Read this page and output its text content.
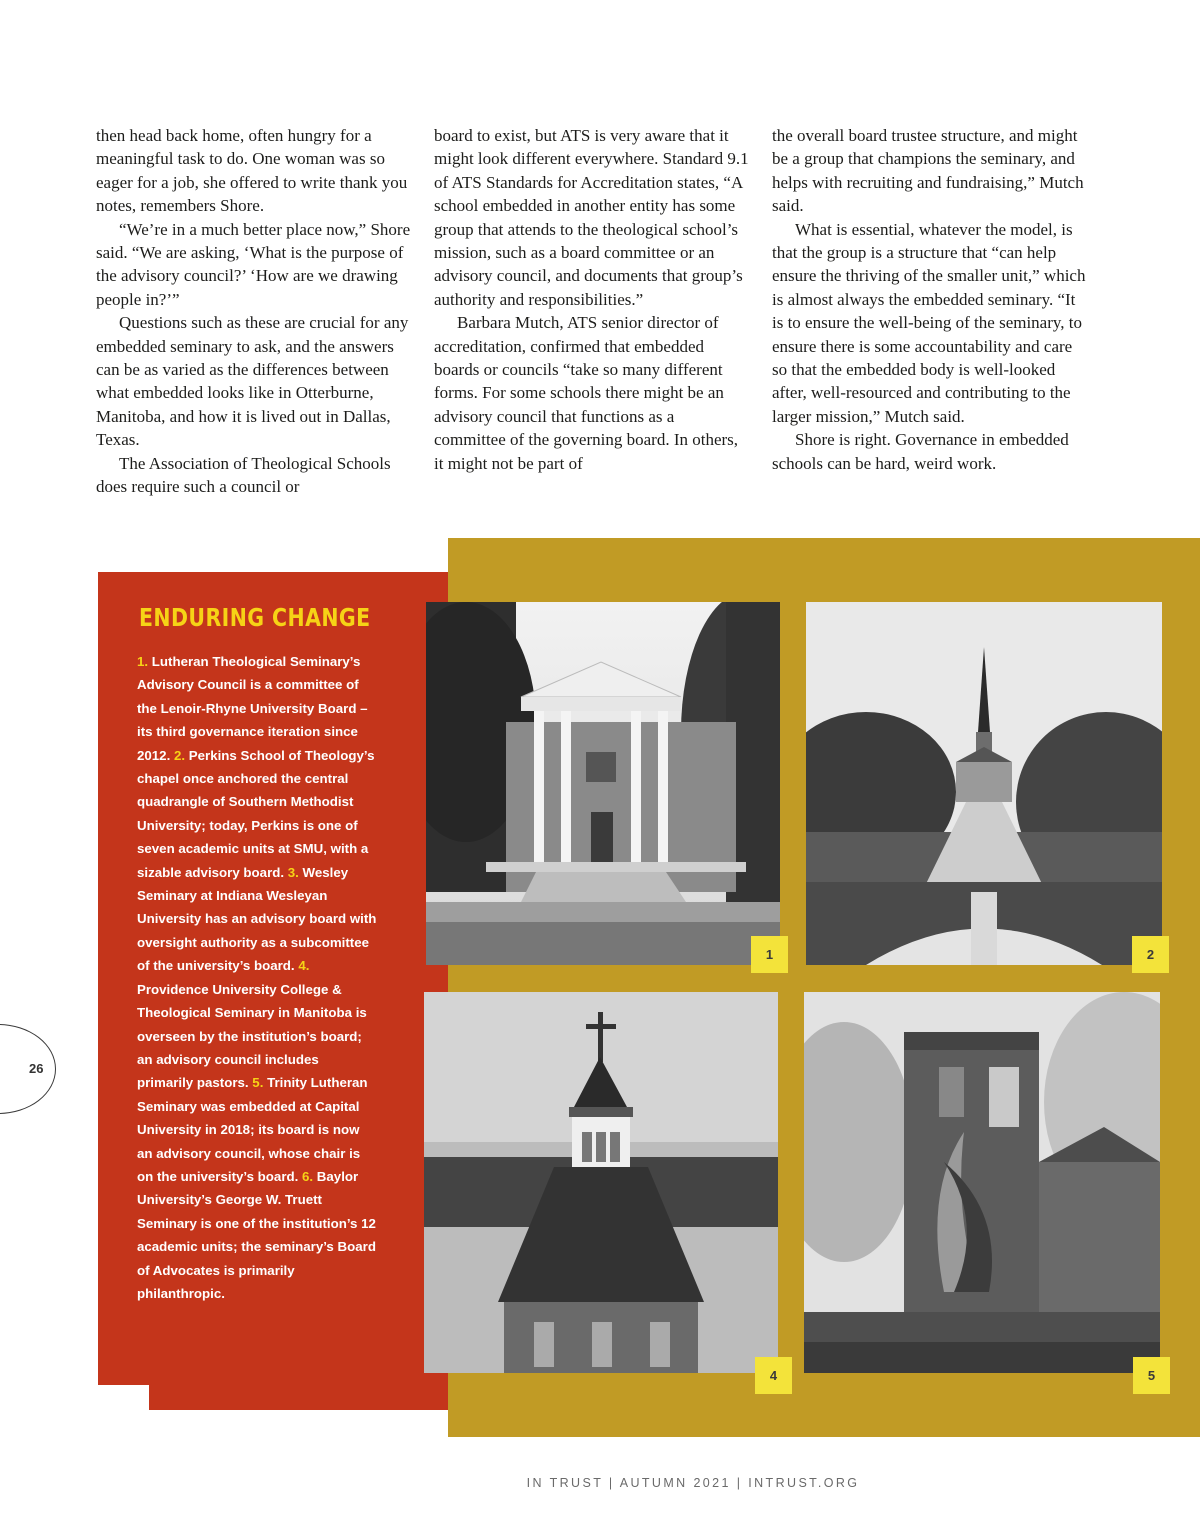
then head back home, often hungry for a meaningful task to do. One woman was so eager for a job, she offered to write thank you notes, remembers Shore.

“We’re in a much better place now,” Shore said. “We are asking, ‘What is the purpose of the advisory council?’ ‘How are we drawing people in?’”

Questions such as these are crucial for any embedded seminary to ask, and the answers can be as varied as the differences between what embedded looks like in Otterburne, Manitoba, and how it is lived out in Dallas, Texas.

The Association of Theological Schools does require such a council or

board to exist, but ATS is very aware that it might look different everywhere. Standard 9.1 of ATS Standards for Accreditation states, “A school embedded in another entity has some group that attends to the theological school’s mission, such as a board committee or an advisory council, and documents that group’s authority and responsibilities.”

Barbara Mutch, ATS senior director of accreditation, confirmed that embedded boards or councils “take so many different forms. For some schools there might be an advisory council that functions as a committee of the governing board. In others, it might not be part of

the overall board trustee structure, and might be a group that champions the seminary, and helps with recruiting and fundraising,” Mutch said.

What is essential, whatever the model, is that the group is a structure that “can help ensure the thriving of the smaller unit,” which is almost always the embedded seminary. “It is to ensure the well-being of the seminary, to ensure there is some accountability and care so that the embedded body is well-looked after, well-resourced and contributing to the larger mission,” Mutch said.

Shore is right. Governance in embedded schools can be hard, weird work.

ENDURING CHANGE
1. Lutheran Theological Seminary’s Advisory Council is a committee of the Lenoir-Rhyne University Board – its third governance iteration since 2012. 2. Perkins School of Theology’s chapel once anchored the central quadrangle of Southern Methodist University; today, Perkins is one of seven academic units at SMU, with a sizable advisory board. 3. Wesley Seminary at Indiana Wesleyan University has an advisory board with oversight authority as a subcomittee of the university’s board. 4. Providence University College & Theological Seminary in Manitoba is overseen by the institution’s board; an advisory council includes primarily pastors. 5. Trinity Lutheran Seminary was embedded at Capital University in 2018; its board is now an advisory council, whose chair is on the university’s board. 6. Baylor University’s George W. Truett Seminary is one of the institution’s 12 academic units; the seminary’s Board of Advocates is primarily philanthropic.
1	2
4	5
26
IN TRUST | AUTUMN 2021 | INTRUST.ORG
